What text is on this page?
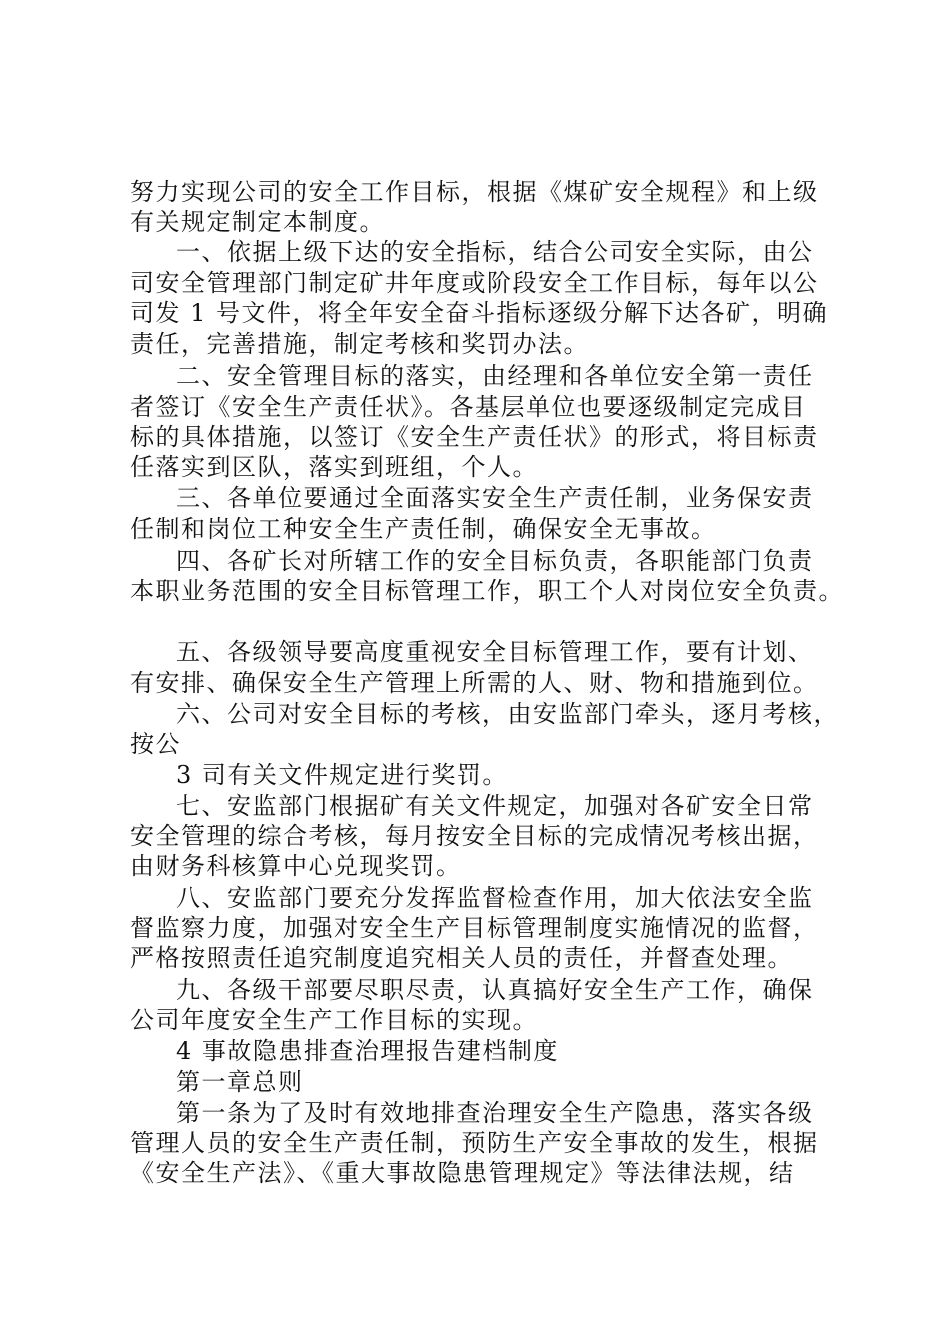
努力实现公司的安全工作目标，根据《煤矿安全规程》和上级
有关规定制定本制度。
一、依据上级下达的安全指标，结合公司安全实际，由公
司安全管理部门制定矿井年度或阶段安全工作目标，每年以公
司发 1 号文件，将全年安全奋斗指标逐级分解下达各矿，明确
责任，完善措施，制定考核和奖罚办法。
二、安全管理目标的落实，由经理和各单位安全第一责任
者签订《安全生产责任状》。各基层单位也要逐级制定完成目
标的具体措施，以签订《安全生产责任状》的形式，将目标责
任落实到区队，落实到班组，个人。
三、各单位要通过全面落实安全生产责任制，业务保安责
任制和岗位工种安全生产责任制，确保安全无事故。
四、各矿长对所辖工作的安全目标负责，各职能部门负责
本职业务范围的安全目标管理工作，职工个人对岗位安全负责。
五、各级领导要高度重视安全目标管理工作，要有计划、
有安排、确保安全生产管理上所需的人、财、物和措施到位。
六、公司对安全目标的考核，由安监部门牵头，逐月考核，
按公
3 司有关文件规定进行奖罚。
七、安监部门根据矿有关文件规定，加强对各矿安全日常
安全管理的综合考核，每月按安全目标的完成情况考核出据，
由财务科核算中心兑现奖罚。
八、安监部门要充分发挥监督检查作用，加大依法安全监
督监察力度，加强对安全生产目标管理制度实施情况的监督，
严格按照责任追究制度追究相关人员的责任，并督查处理。
九、各级干部要尽职尽责，认真搞好安全生产工作，确保
公司年度安全生产工作目标的实现。
4 事故隐患排查治理报告建档制度
第一章总则
第一条为了及时有效地排查治理安全生产隐患，落实各级
管理人员的安全生产责任制，预防生产安全事故的发生，根据
《安全生产法》、《重大事故隐患管理规定》等法律法规，结
